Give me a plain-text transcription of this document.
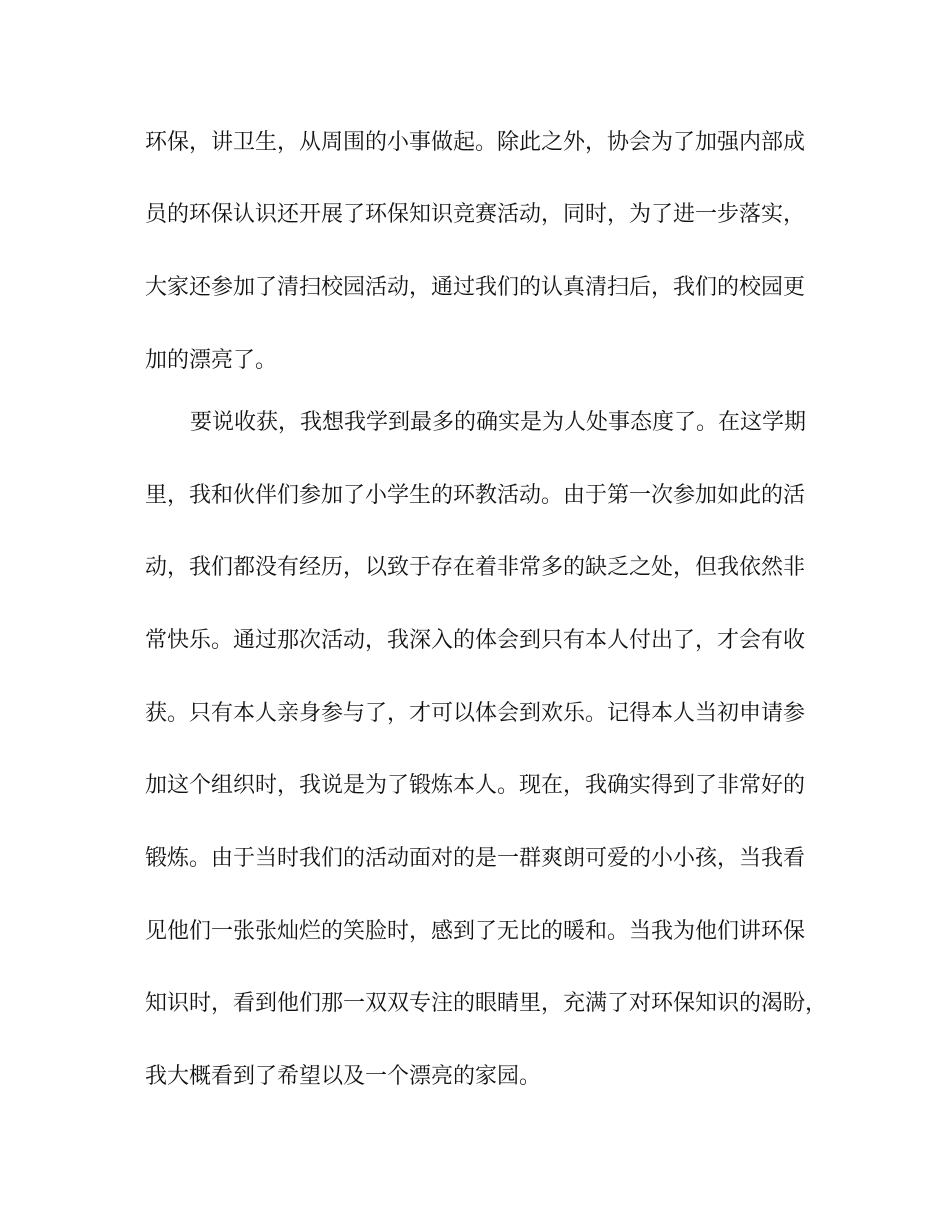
环保，讲卫生，从周围的小事做起。除此之外，协会为了加强内部成

员的环保认识还开展了环保知识竞赛活动，同时，为了进一步落实，

大家还参加了清扫校园活动，通过我们的认真清扫后，我们的校园更

加的漂亮了。

要说收获，我想我学到最多的确实是为人处事态度了。在这学期

里，我和伙伴们参加了小学生的环教活动。由于第一次参加如此的活

动，我们都没有经历，以致于存在着非常多的缺乏之处，但我依然非

常快乐。通过那次活动，我深入的体会到只有本人付出了，才会有收

获。只有本人亲身参与了，才可以体会到欢乐。记得本人当初申请参

加这个组织时，我说是为了锻炼本人。现在，我确实得到了非常好的

锻炼。由于当时我们的活动面对的是一群爽朗可爱的小小孩，当我看

见他们一张张灿烂的笑脸时，感到了无比的暖和。当我为他们讲环保

知识时，看到他们那一双双专注的眼睛里，充满了对环保知识的渴盼，

我大概看到了希望以及一个漂亮的家园。
